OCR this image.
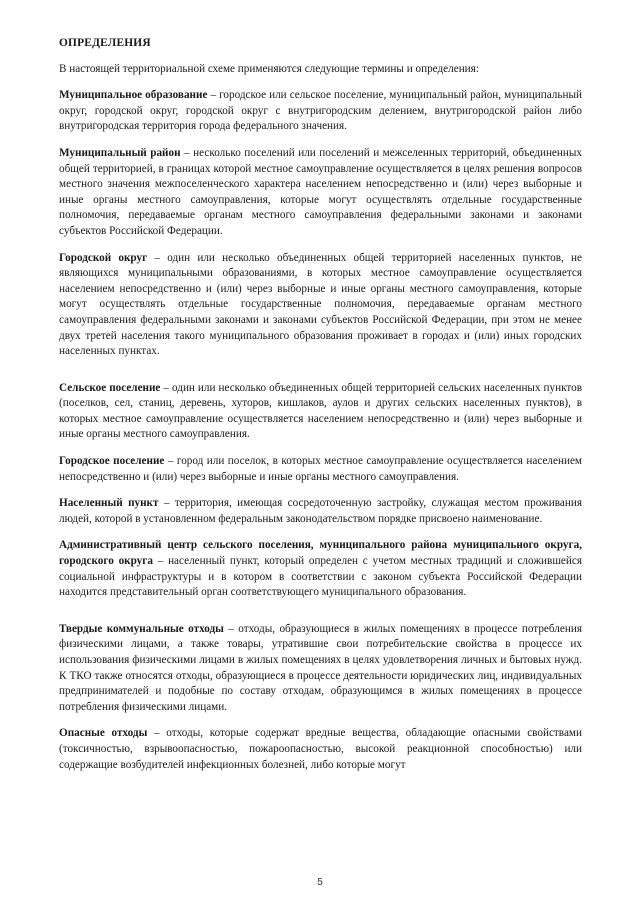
ОПРЕДЕЛЕНИЯ

В настоящей территориальной схеме применяются следующие термины и определения:

Муниципальное образование – городское или сельское поселение, муниципальный район, муниципальный округ, городской округ, городской округ с внутригородским делением, внутригородской район либо внутригородская территория города федерального значения.

Муниципальный район – несколько поселений или поселений и межселенных территорий, объединенных общей территорией, в границах которой местное самоуправление осуществляется в целях решения вопросов местного значения межпоселенческого характера населением непосредственно и (или) через выборные и иные органы местного самоуправления, которые могут осуществлять отдельные государственные полномочия, передаваемые органам местного самоуправления федеральными законами и законами субъектов Российской Федерации.

Городской округ – один или несколько объединенных общей территорией населенных пунктов, не являющихся муниципальными образованиями, в которых местное самоуправление осуществляется населением непосредственно и (или) через выборные и иные органы местного самоуправления, которые могут осуществлять отдельные государственные полномочия, передаваемые органам местного самоуправления федеральными законами и законами субъектов Российской Федерации, при этом не менее двух третей населения такого муниципального образования проживает в городах и (или) иных городских населенных пунктах.

Сельское поселение – один или несколько объединенных общей территорией сельских населенных пунктов (поселков, сел, станиц, деревень, хуторов, кишлаков, аулов и других сельских населенных пунктов), в которых местное самоуправление осуществляется населением непосредственно и (или) через выборные и иные органы местного самоуправления.

Городское поселение – город или поселок, в которых местное самоуправление осуществляется населением непосредственно и (или) через выборные и иные органы местного самоуправления.

Населенный пункт – территория, имеющая сосредоточенную застройку, служащая местом проживания людей, которой в установленном федеральным законодательством порядке присвоено наименование.

Административный центр сельского поселения, муниципального района муниципального округа, городского округа – населенный пункт, который определен с учетом местных традиций и сложившейся социальной инфраструктуры и в котором в соответствии с законом субъекта Российской Федерации находится представительный орган соответствующего муниципального образования.

Твердые коммунальные отходы – отходы, образующиеся в жилых помещениях в процессе потребления физическими лицами, а также товары, утратившие свои потребительские свойства в процессе их использования физическими лицами в жилых помещениях в целях удовлетворения личных и бытовых нужд. К ТКО также относятся отходы, образующиеся в процессе деятельности юридических лиц, индивидуальных предпринимателей и подобные по составу отходам, образующимся в жилых помещениях в процессе потребления физическими лицами.

Опасные отходы – отходы, которые содержат вредные вещества, обладающие опасными свойствами (токсичностью, взрывоопасностью, пожароопасностью, высокой реакционной способностью) или содержащие возбудителей инфекционных болезней, либо которые могут

5
